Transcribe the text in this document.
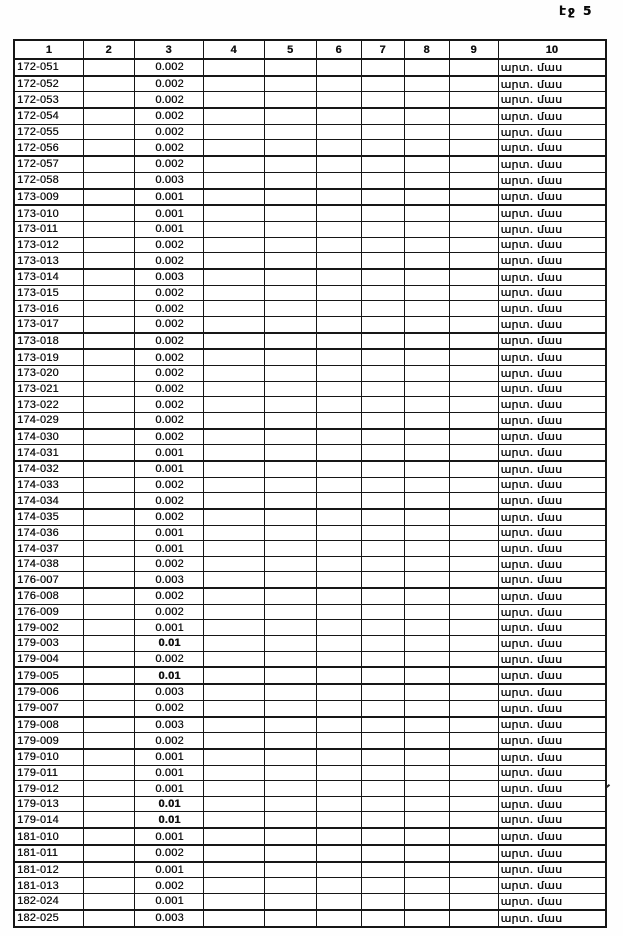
էջ 5
1	2	3	4	5	6	7	8	9	10
172-051		0.002							արտ. մաս
172-052		0.002							արտ. մաս
172-053		0.002							արտ. մաս
172-054		0.002							արտ. մաս
172-055		0.002							արտ. մաս
172-056		0.002							արտ. մաս
172-057		0.002							արտ. մաս
172-058		0.003							արտ. մաս
173-009		0.001							արտ. մաս
173-010		0.001							արտ. մաս
173-011		0.001							արտ. մաս
173-012		0.002							արտ. մաս
173-013		0.002							արտ. մաս
173-014		0.003							արտ. մաս
173-015		0.002							արտ. մաս
173-016		0.002							արտ. մաս
173-017		0.002							արտ. մաս
173-018		0.002							արտ. մաս
173-019		0.002							արտ. մաս
173-020		0.002							արտ. մաս
173-021		0.002							արտ. մաս
173-022		0.002							արտ. մաս
174-029		0.002							արտ. մաս
174-030		0.002							արտ. մաս
174-031		0.001							արտ. մաս
174-032		0.001							արտ. մաս
174-033		0.002							արտ. մաս
174-034		0.002							արտ. մաս
174-035		0.002							արտ. մաս
174-036		0.001							արտ. մաս
174-037		0.001							արտ. մաս
174-038		0.002							արտ. մաս
176-007		0.003							արտ. մաս
176-008		0.002							արտ. մաս
176-009		0.002							արտ. մաս
179-002		0.001							արտ. մաս
179-003		0.01							արտ. մաս
179-004		0.002							արտ. մաս
179-005		0.01							արտ. մաս
179-006		0.003							արտ. մաս
179-007		0.002							արտ. մաս
179-008		0.003							արտ. մաս
179-009		0.002							արտ. մաս
179-010		0.001							արտ. մաս
179-011		0.001							արտ. մաս
179-012		0.001							արտ. մաս
179-013		0.01							արտ. մաս
179-014		0.01							արտ. մաս
181-010		0.001							արտ. մաս
181-011		0.002							արտ. մաս
181-012		0.001							արտ. մաս
181-013		0.002							արտ. մաս
182-024		0.001							արտ. մաս
182-025		0.003							արտ. մաս
